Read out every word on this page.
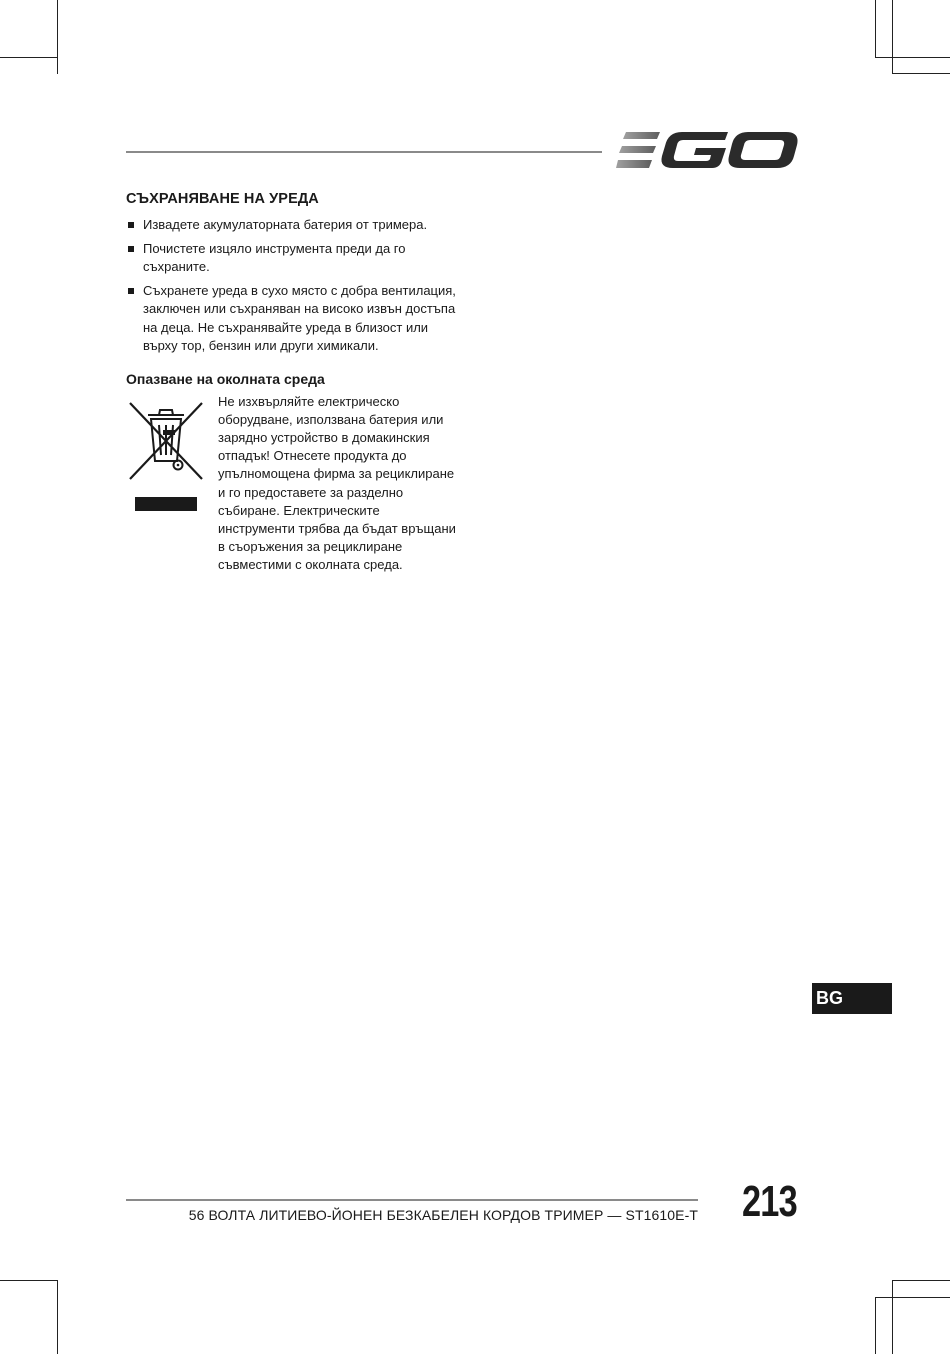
СЪХРАНЯВАНЕ НА УРЕДА
Извадете акумулаторната батерия от тримера.
Почистете изцяло инструмента преди да го съхраните.
Съхранете уреда в сухо място с добра вентилация, заключен или съхраняван на високо извън достъпа на деца. Не съхранявайте уреда в близост или върху тор, бензин или други химикали.
Опазване на околната среда
Не изхвърляйте електрическо оборудване, използвана батерия или зарядно устройство в домакинския отпадък! Отнесете продукта до упълномощена фирма за рециклиране и го предоставете за разделно събиране. Електрическите инструменти трябва да бъдат връщани в съоръжения за рециклиране съвместими с околната среда.
BG
56 ВОЛТА ЛИТИЕВО-ЙОНЕН БЕЗКАБЕЛЕН КОРДОВ ТРИМЕР — ST1610E-T 213
